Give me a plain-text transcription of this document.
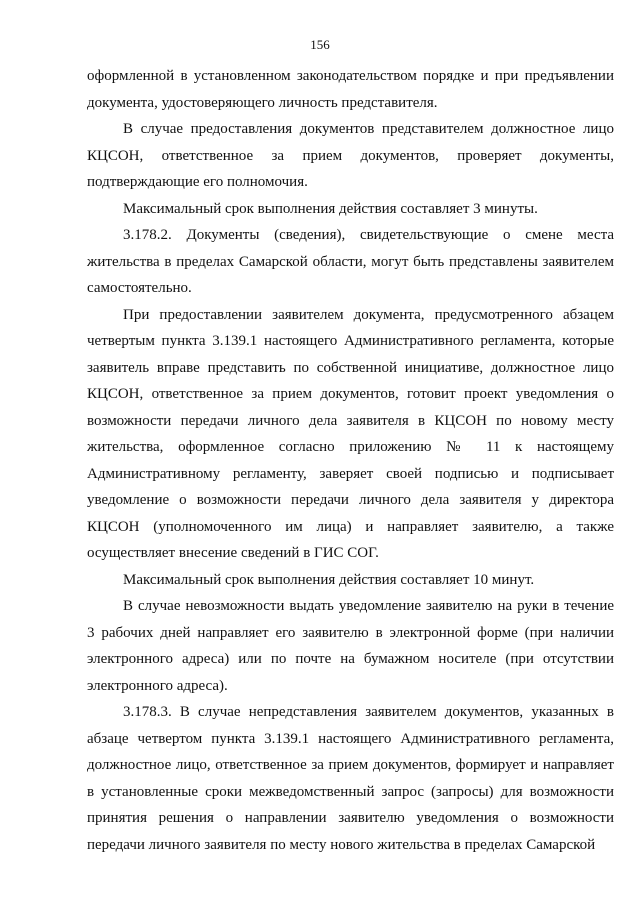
156

оформленной в установленном законодательством порядке и при предъявлении документа, удостоверяющего личность представителя.

В случае предоставления документов представителем должностное лицо КЦСОН, ответственное за прием документов, проверяет документы, подтверждающие его полномочия.

Максимальный срок выполнения действия составляет 3 минуты.

3.178.2. Документы (сведения), свидетельствующие о смене места жительства в пределах Самарской области, могут быть представлены заявителем самостоятельно.

При предоставлении заявителем документа, предусмотренного абзацем четвертым пункта 3.139.1 настоящего Административного регламента, которые заявитель вправе представить по собственной инициативе, должностное лицо КЦСОН, ответственное за прием документов, готовит проект уведомления о возможности передачи личного дела заявителя в КЦСОН по новому месту жительства, оформленное согласно приложению № 11 к настоящему Административному регламенту, заверяет своей подписью и подписывает уведомление о возможности передачи личного дела заявителя у директора КЦСОН (уполномоченного им лица) и направляет заявителю, а также осуществляет внесение сведений в ГИС СОГ.

Максимальный срок выполнения действия составляет 10 минут.

В случае невозможности выдать уведомление заявителю на руки в течение 3 рабочих дней направляет его заявителю в электронной форме (при наличии электронного адреса) или по почте на бумажном носителе (при отсутствии электронного адреса).

3.178.3. В случае непредставления заявителем документов, указанных в абзаце четвертом пункта 3.139.1 настоящего Административного регламента, должностное лицо, ответственное за прием документов, формирует и направляет в установленные сроки межведомственный запрос (запросы) для возможности принятия решения о направлении заявителю уведомления о возможности передачи личного заявителя по месту нового жительства в пределах Самарской
